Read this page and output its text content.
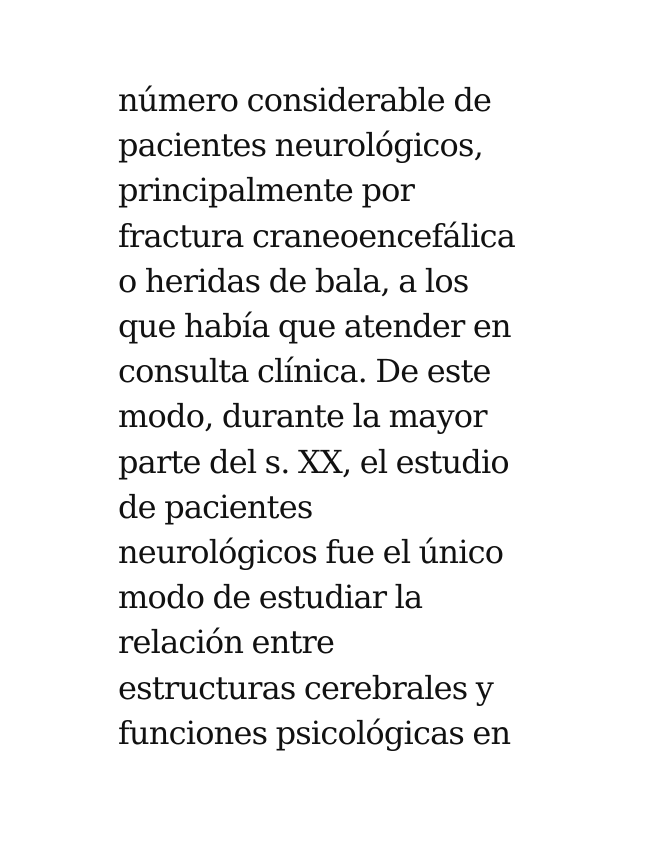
número considerable de
pacientes neurológicos,
principalmente por
fractura craneoencefálica
o heridas de bala, a los
que había que atender en
consulta clínica. De este
modo, durante la mayor
parte del s. XX, el estudio
de pacientes
neurológicos fue el único
modo de estudiar la
relación entre
estructuras cerebrales y
funciones psicológicas en
